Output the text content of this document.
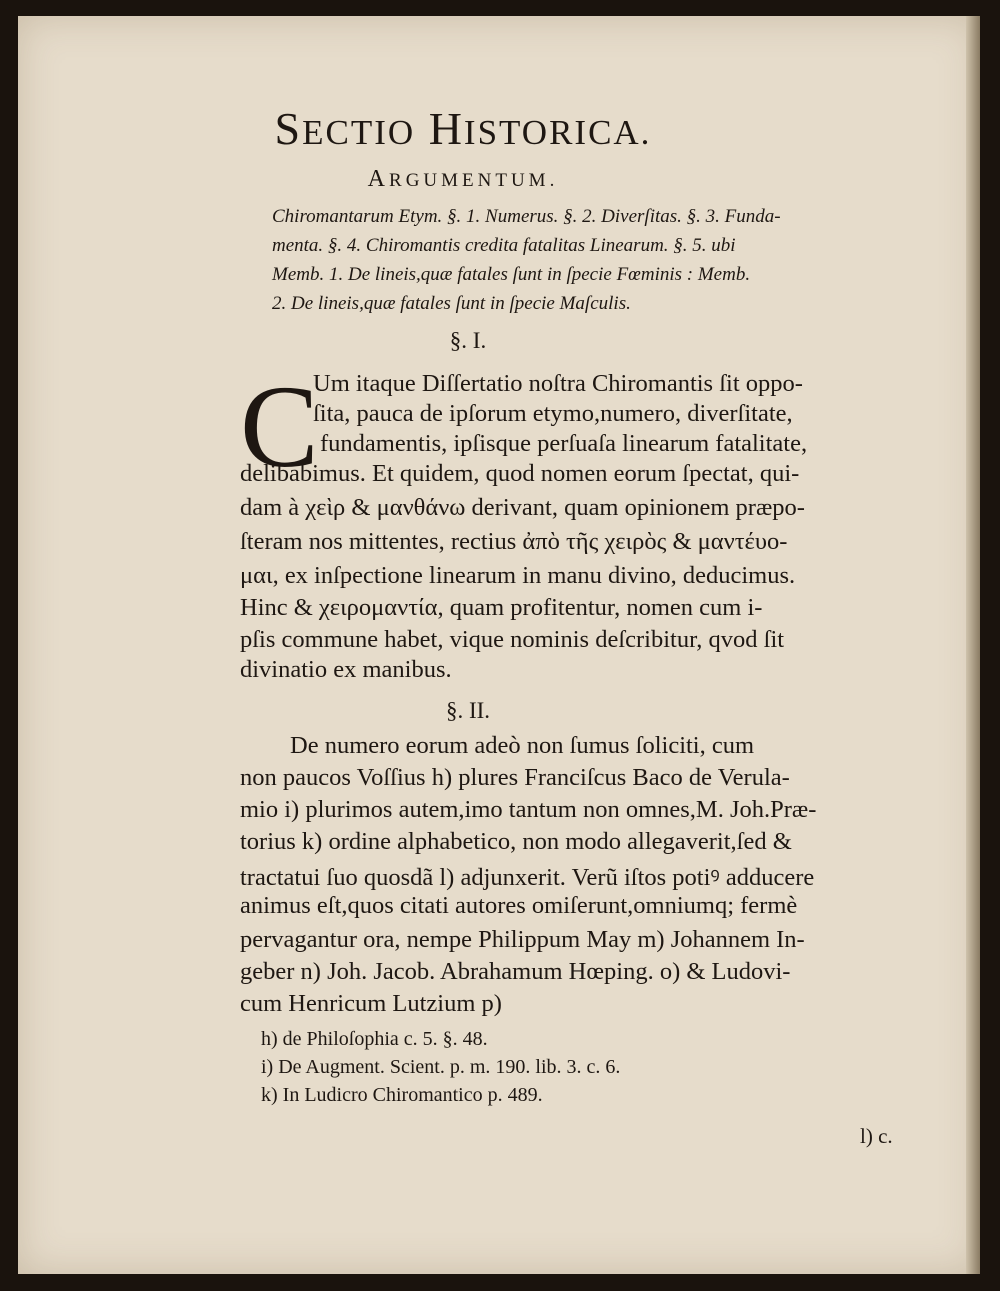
SECTIO HISTORICA.
ARGUMENTUM.
Chiromantarum Etym. §. 1. Numerus. §. 2. Diverſitas. §. 3. Funda-
menta. §. 4. Chiromantis credita fatalitas Linearum. §. 5. ubi
Memb. 1. De lineis,quæ fatales ſunt in ſpecie Fœminis : Memb.
2. De lineis,quæ fatales ſunt in ſpecie Maſculis.
§. I.
C
Um itaque Diſſertatio noſtra Chiromantis ſit oppo-
ſita, pauca de ipſorum etymo,numero, diverſitate,
fundamentis, ipſisque perſuaſa linearum fatalitate,
delibabimus. Et quidem, quod nomen eorum ſpectat, qui-
dam à χεὶρ & μανθάνω derivant, quam opinionem præpo-
ſteram nos mittentes, rectius ἀπὸ τῆς χειρὸς & μαντέυο-
μαι, ex inſpectione linearum in manu divino, deducimus.
Hinc & χειρομαντία, quam profitentur, nomen cum i-
pſis commune habet, vique nominis deſcribitur, qvod ſit
divinatio ex manibus.
§. II.
De numero eorum adeò non ſumus ſoliciti, cum
non paucos Voſſius h) plures Franciſcus Baco de Verula-
mio i) plurimos autem,imo tantum non omnes,M. Joh.Præ-
torius k) ordine alphabetico, non modo allegaverit,ſed &
tractatui ſuo quosdã l) adjunxerit. Verũ iſtos potiꝰ adducere
animus eſt,quos citati autores omiſerunt,omniumq; fermè
pervagantur ora, nempe Philippum May m) Johannem In-
geber n) Joh. Jacob. Abrahamum Hœping. o) & Ludovi-
cum Henricum Lutzium p)
h) de Philoſophia c. 5. §. 48.
i) De Augment. Scient. p. m. 190. lib. 3. c. 6.
k) In Ludicro Chiromantico p. 489.
l) c.
